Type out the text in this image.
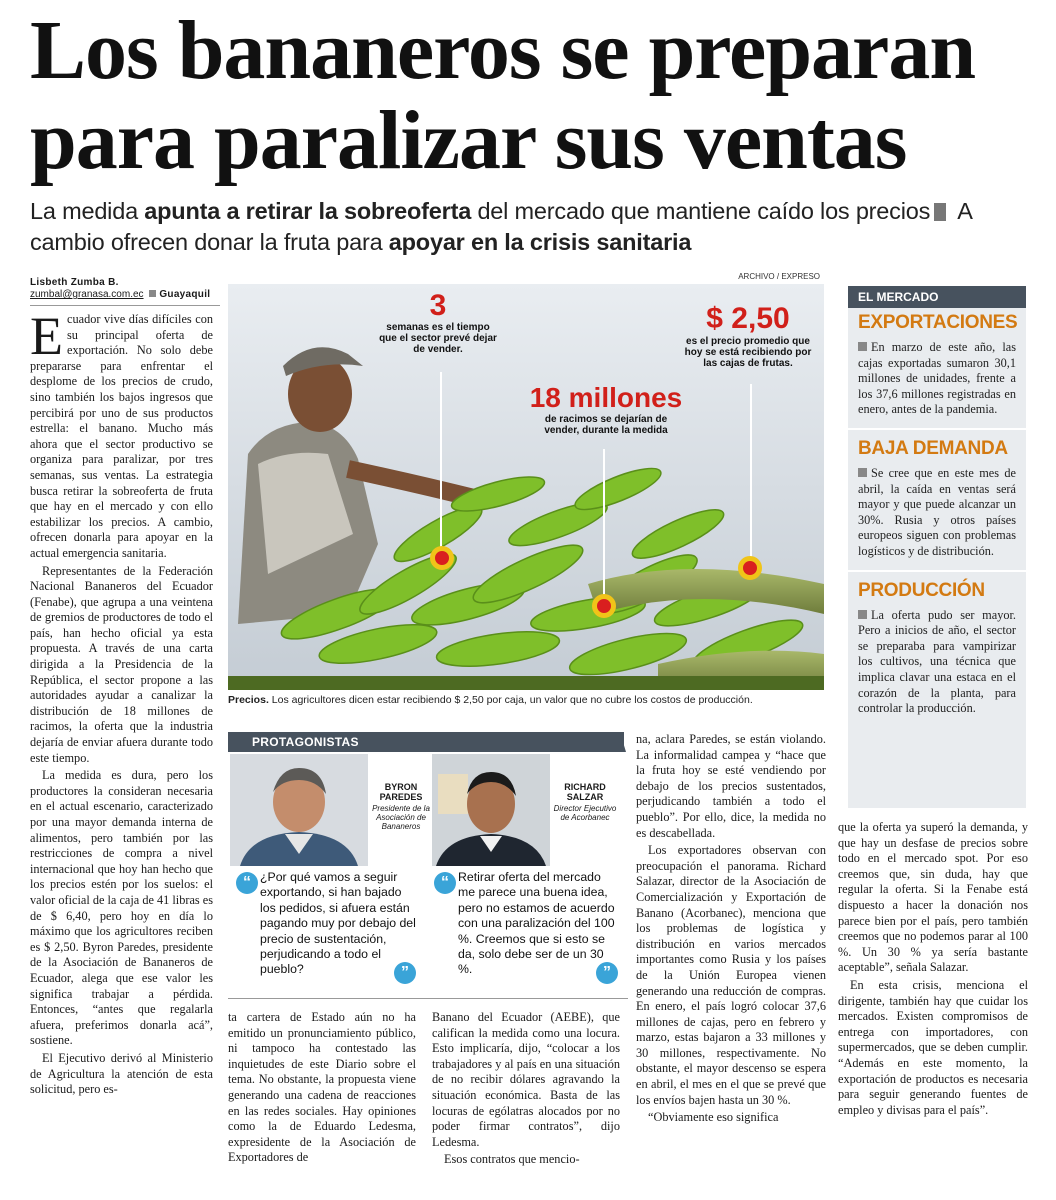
Los bananeros se preparan
para paralizar sus ventas
La medida apunta a retirar la sobreoferta del mercado que mantiene caído los precios A cambio ofrecen donar la fruta para apoyar en la crisis sanitaria
Lisbeth Zumba B.
zumbal@granasa.com.ec Guayaquil

Ecuador vive días difíciles con su principal oferta de exportación. No solo debe prepararse para enfrentar el desplome de los precios de crudo, sino también los bajos ingresos que percibirá por uno de sus productos estrella: el banano. Mucho más ahora que el sector productivo se organiza para paralizar, por tres semanas, sus ventas. La estrategia busca retirar la sobreoferta de fruta que hay en el mercado y con ello estabilizar los precios. A cambio, ofrecen donarla para apoyar en la actual emergencia sanitaria.

Representantes de la Federación Nacional Bananeros del Ecuador (Fenabe), que agrupa a una veintena de gremios de productores de todo el país, han hecho oficial ya esta propuesta. A través de una carta dirigida a la Presidencia de la República, el sector propone a las autoridades ayudar a canalizar la distribución de 18 millones de racimos, la oferta que la industria dejaría de enviar afuera durante todo este tiempo.

La medida es dura, pero los productores la consideran necesaria en el actual escenario, caracterizado por una mayor demanda interna de alimentos, pero también por las restricciones de compra a nivel internacional que hoy han hecho que los precios estén por los suelos: el valor oficial de la caja de 41 libras es de $ 6,40, pero hoy en día lo máximo que los agricultores reciben es $ 2,50. Byron Paredes, presidente de la Asociación de Bananeros de Ecuador, alega que ese valor les significa trabajar a pérdida. Entonces, “antes que regalarla afuera, preferimos donarla acá”, sostiene.

El Ejecutivo derivó al Ministerio de Agricultura la atención de esta solicitud, pero es-

ARCHIVO / EXPRESO
3
semanas es el tiempo que el sector prevé dejar de vender.
18 millones
de racimos se dejarían de vender, durante la medida
$ 2,50
es el precio promedio que hoy se está recibiendo por las cajas de frutas.
Precios. Los agricultores dicen estar recibiendo $ 2,50 por caja, un valor que no cubre los costos de producción.
EL MERCADO
EXPORTACIONES
En marzo de este año, las cajas exportadas sumaron 30,1 millones de unidades, frente a los 37,6 millones registradas en enero, antes de la pandemia.
BAJA DEMANDA
Se cree que en este mes de abril, la caída en ventas será mayor y que puede alcanzar un 30%. Rusia y otros países europeos siguen con problemas logísticos y de distribución.
PRODUCCIÓN
La oferta pudo ser mayor. Pero a inicios de año, el sector se preparaba para vampirizar los cultivos, una técnica que implica clavar una estaca en el corazón de la planta, para controlar la producción.
PROTAGONISTAS
BYRON
PAREDES
Presidente de la Asociación de Bananeros
RICHARD
SALZAR
Director Ejecutivo de Acorbanec
“ ¿Por qué vamos a seguir exportando, si han bajado los pedidos, si afuera están pagando muy por debajo del precio de sustentación, perjudicando a todo el pueblo?	”
“ Retirar oferta del mercado me parece una buena idea, pero no estamos de acuerdo con una paralización del 100 %. Creemos que si esto se da, solo debe ser de un 30 %.	”

ta cartera de Estado aún no ha emitido un pronunciamiento público, ni tampoco ha contestado las inquietudes de este Diario sobre el tema. No obstante, la propuesta viene generando una cadena de reacciones en las redes sociales. Hay opiniones como la de Eduardo Ledesma, expresidente de la Asociación de Exportadores de

Banano del Ecuador (AEBE), que califican la medida como una locura. Esto implicaría, dijo, “colocar a los trabajadores y al país en una situación de no recibir dólares agravando la situación económica. Basta de las locuras de ególatras alocados por no poder firmar contratos”, dijo Ledesma.

Esos contratos que mencio-

na, aclara Paredes, se están violando. La informalidad campea y “hace que la fruta hoy se esté vendiendo por debajo de los precios sustentados, perjudicando también a todo el pueblo”. Por ello, dice, la medida no es descabellada.

Los exportadores observan con preocupación el panorama. Richard Salazar, director de la Asociación de Comercialización y Exportación de Banano (Acorbanec), menciona que los problemas de logística y distribución en varios mercados importantes como Rusia y los países de la Unión Europea vienen generando una reducción de compras. En enero, el país logró colocar 37,6 millones de cajas, pero en febrero y marzo, estas bajaron a 33 millones y 30 millones, respectivamente. No obstante, el mayor descenso se espera en abril, el mes en el que se prevé que los envíos bajen hasta un 30 %.

“Obviamente eso significa

que la oferta ya superó la demanda, y que hay un desfase de precios sobre todo en el mercado spot. Por eso creemos que, sin duda, hay que regular la oferta. Si la Fenabe está dispuesto a hacer la donación nos parece bien por el país, pero también creemos que no podemos parar al 100 %. Un 30 % ya sería bastante aceptable”, señala Salazar.

En esta crisis, menciona el dirigente, también hay que cuidar los mercados. Existen compromisos de entrega con importadores, con supermercados, que se deben cumplir. “Además en este momento, la exportación de productos es necesaria para seguir generando fuentes de empleo y divisas para el país”.
